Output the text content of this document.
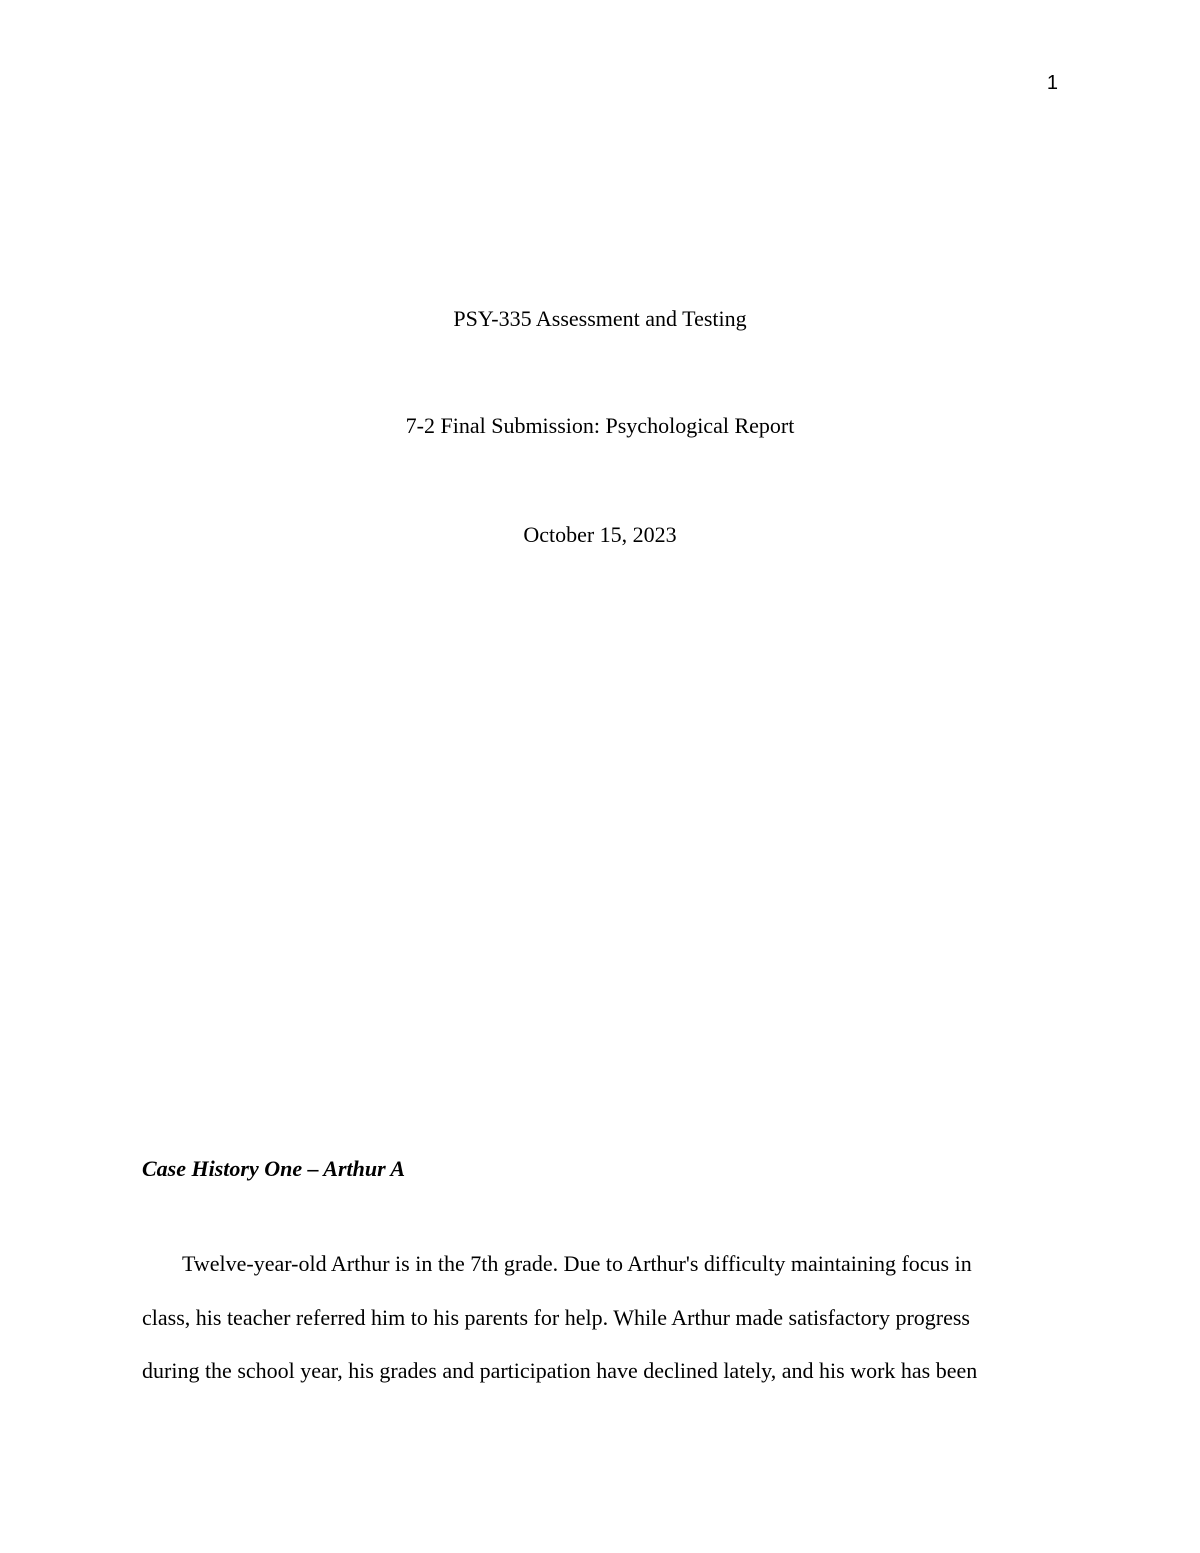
1
PSY-335 Assessment and Testing
7-2 Final Submission: Psychological Report
October 15, 2023
Case History One – Arthur A
Twelve-year-old Arthur is in the 7th grade. Due to Arthur's difficulty maintaining focus in
class, his teacher referred him to his parents for help. While Arthur made satisfactory progress
during the school year, his grades and participation have declined lately, and his work has been
